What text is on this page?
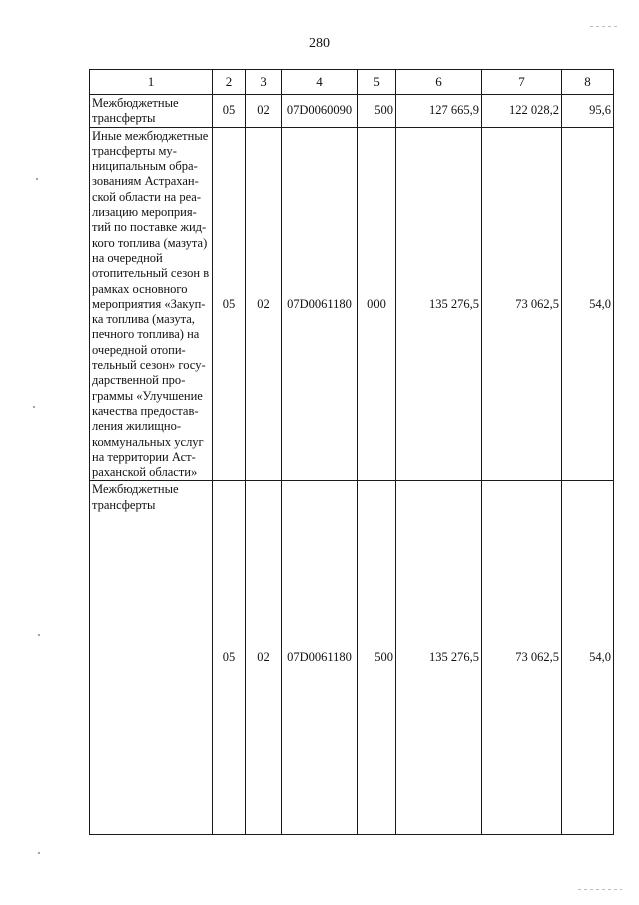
280
1	2	3	4	5	6	7	8
Межбюджетные трансферты	05	02	07D0060090	500	127 665,9	122 028,2	95,6
Иные межбюджетные трансферты муниципальным образованиям Астраханской области на реализацию мероприятий по поставке жидкого топлива (мазута) на очередной отопительный сезон в рамках основного мероприятия «Закупка топлива (мазута, печного топлива) на очередной отопительный сезон» государственной программы «Улучшение качества предоставления жилищно-коммунальных услуг на территории Астраханской области»	05	02	07D0061180	000	135 276,5	73 062,5	54,0
Межбюджетные трансферты	05	02	07D0061180	500	135 276,5	73 062,5	54,0
